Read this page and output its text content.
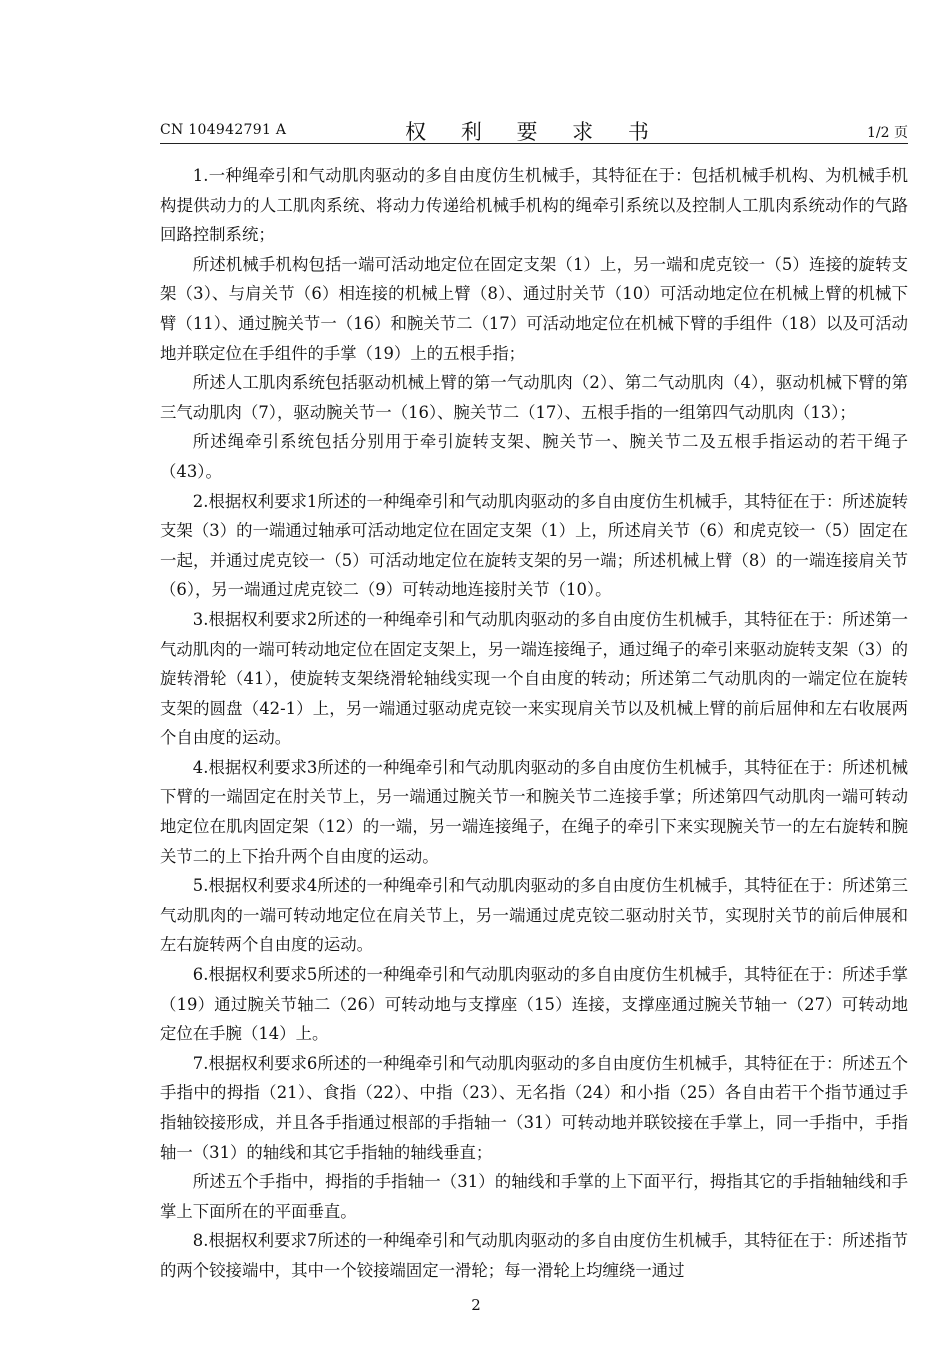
CN 104942791 A	权 利 要 求 书	1/2 页

1.一种绳牵引和气动肌肉驱动的多自由度仿生机械手，其特征在于：包括机械手机构、为机械手机构提供动力的人工肌肉系统、将动力传递给机械手机构的绳牵引系统以及控制人工肌肉系统动作的气路回路控制系统；

所述机械手机构包括一端可活动地定位在固定支架（1）上，另一端和虎克铰一（5）连接的旋转支架（3）、与肩关节（6）相连接的机械上臂（8）、通过肘关节（10）可活动地定位在机械上臂的机械下臂（11）、通过腕关节一（16）和腕关节二（17）可活动地定位在机械下臂的手组件（18）以及可活动地并联定位在手组件的手掌（19）上的五根手指；

所述人工肌肉系统包括驱动机械上臂的第一气动肌肉（2）、第二气动肌肉（4），驱动机械下臂的第三气动肌肉（7），驱动腕关节一（16）、腕关节二（17）、五根手指的一组第四气动肌肉（13）；

所述绳牵引系统包括分别用于牵引旋转支架、腕关节一、腕关节二及五根手指运动的若干绳子（43）。

2.根据权利要求1所述的一种绳牵引和气动肌肉驱动的多自由度仿生机械手，其特征在于：所述旋转支架（3）的一端通过轴承可活动地定位在固定支架（1）上，所述肩关节（6）和虎克铰一（5）固定在一起，并通过虎克铰一（5）可活动地定位在旋转支架的另一端；所述机械上臂（8）的一端连接肩关节（6），另一端通过虎克铰二（9）可转动地连接肘关节（10）。

3.根据权利要求2所述的一种绳牵引和气动肌肉驱动的多自由度仿生机械手，其特征在于：所述第一气动肌肉的一端可转动地定位在固定支架上，另一端连接绳子，通过绳子的牵引来驱动旋转支架（3）的旋转滑轮（41），使旋转支架绕滑轮轴线实现一个自由度的转动；所述第二气动肌肉的一端定位在旋转支架的圆盘（42-1）上，另一端通过驱动虎克铰一来实现肩关节以及机械上臂的前后屈伸和左右收展两个自由度的运动。

4.根据权利要求3所述的一种绳牵引和气动肌肉驱动的多自由度仿生机械手，其特征在于：所述机械下臂的一端固定在肘关节上，另一端通过腕关节一和腕关节二连接手掌；所述第四气动肌肉一端可转动地定位在肌肉固定架（12）的一端，另一端连接绳子，在绳子的牵引下来实现腕关节一的左右旋转和腕关节二的上下抬升两个自由度的运动。

5.根据权利要求4所述的一种绳牵引和气动肌肉驱动的多自由度仿生机械手，其特征在于：所述第三气动肌肉的一端可转动地定位在肩关节上，另一端通过虎克铰二驱动肘关节，实现肘关节的前后伸展和左右旋转两个自由度的运动。

6.根据权利要求5所述的一种绳牵引和气动肌肉驱动的多自由度仿生机械手，其特征在于：所述手掌（19）通过腕关节轴二（26）可转动地与支撑座（15）连接，支撑座通过腕关节轴一（27）可转动地定位在手腕（14）上。

7.根据权利要求6所述的一种绳牵引和气动肌肉驱动的多自由度仿生机械手，其特征在于：所述五个手指中的拇指（21）、食指（22）、中指（23）、无名指（24）和小指（25）各自由若干个指节通过手指轴铰接形成，并且各手指通过根部的手指轴一（31）可转动地并联铰接在手掌上，同一手指中，手指轴一（31）的轴线和其它手指轴的轴线垂直；

所述五个手指中，拇指的手指轴一（31）的轴线和手掌的上下面平行，拇指其它的手指轴轴线和手掌上下面所在的平面垂直。

8.根据权利要求7所述的一种绳牵引和气动肌肉驱动的多自由度仿生机械手，其特征在于：所述指节的两个铰接端中，其中一个铰接端固定一滑轮；每一滑轮上均缠绕一通过

2
